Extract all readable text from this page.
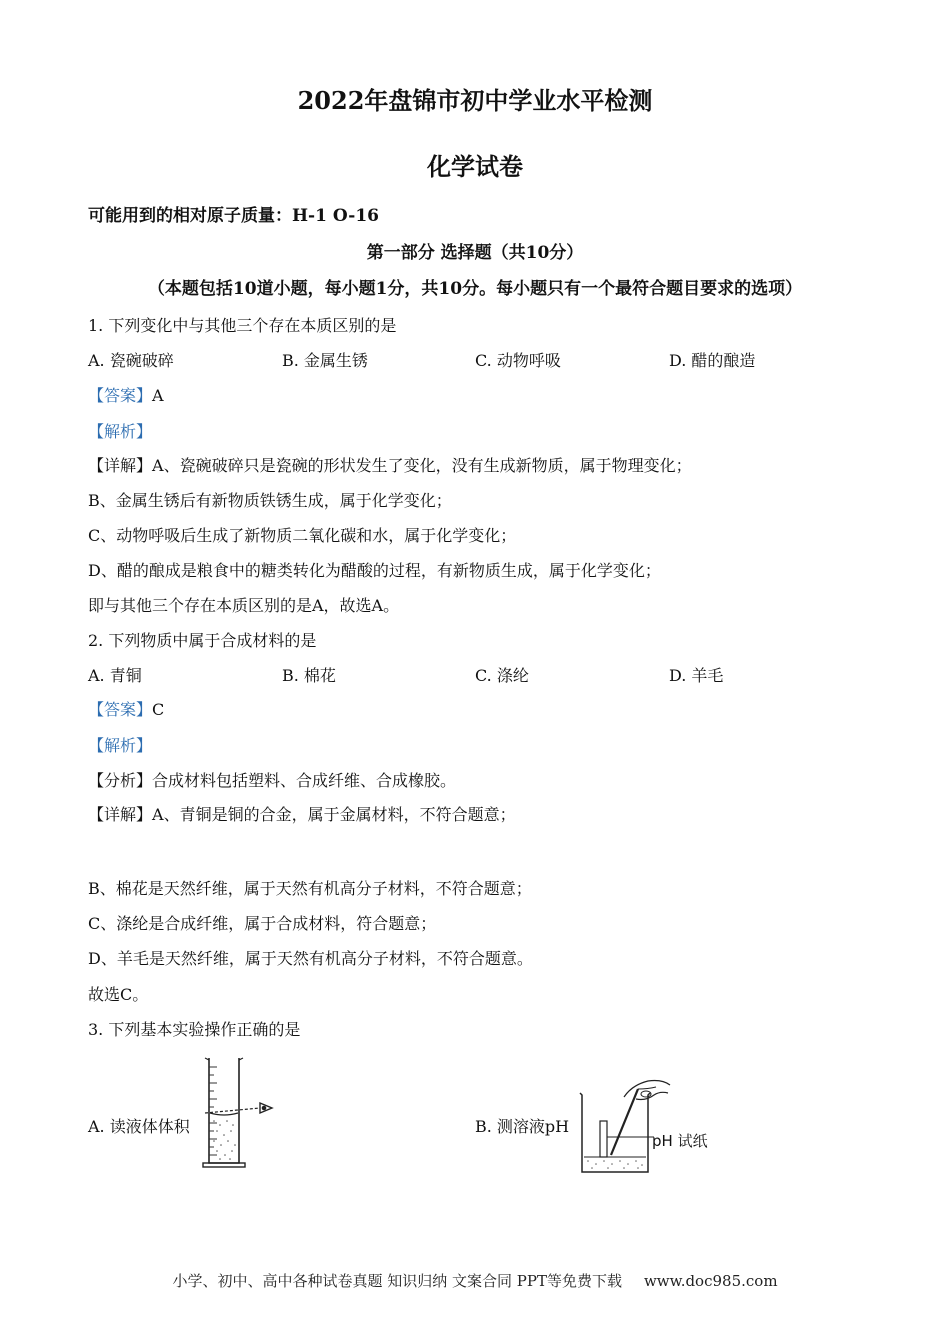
2022年盘锦市初中学业水平检测
化学试卷
可能用到的相对原子质量：H-1 O-16
第一部分 选择题（共10分）
（本题包括10道小题，每小题1分，共10分。每小题只有一个最符合题目要求的选项）
1. 下列变化中与其他三个存在本质区别的是
A. 瓷碗破碎	B. 金属生锈	C. 动物呼吸	D. 醋的酿造
【答案】A
【解析】
【详解】A、瓷碗破碎只是瓷碗的形状发生了变化，没有生成新物质，属于物理变化；
B、金属生锈后有新物质铁锈生成，属于化学变化；
C、动物呼吸后生成了新物质二氧化碳和水，属于化学变化；
D、醋的酿成是粮食中的糖类转化为醋酸的过程，有新物质生成，属于化学变化；
即与其他三个存在本质区别的是A，故选A。
2. 下列物质中属于合成材料的是
A. 青铜	B. 棉花	C. 涤纶	D. 羊毛
【答案】C
【解析】
【分析】合成材料包括塑料、合成纤维、合成橡胶。
【详解】A、青铜是铜的合金，属于金属材料，不符合题意；
B、棉花是天然纤维，属于天然有机高分子材料，不符合题意；
C、涤纶是合成纤维，属于合成材料，符合题意；
D、羊毛是天然纤维，属于天然有机高分子材料，不符合题意。
故选C。
3. 下列基本实验操作正确的是
A. 读液体体积	B. 测溶液pH
pH 试纸
小学、初中、高中各种试卷真题 知识归纳 文案合同 PPT等免费下载 www.doc985.com
